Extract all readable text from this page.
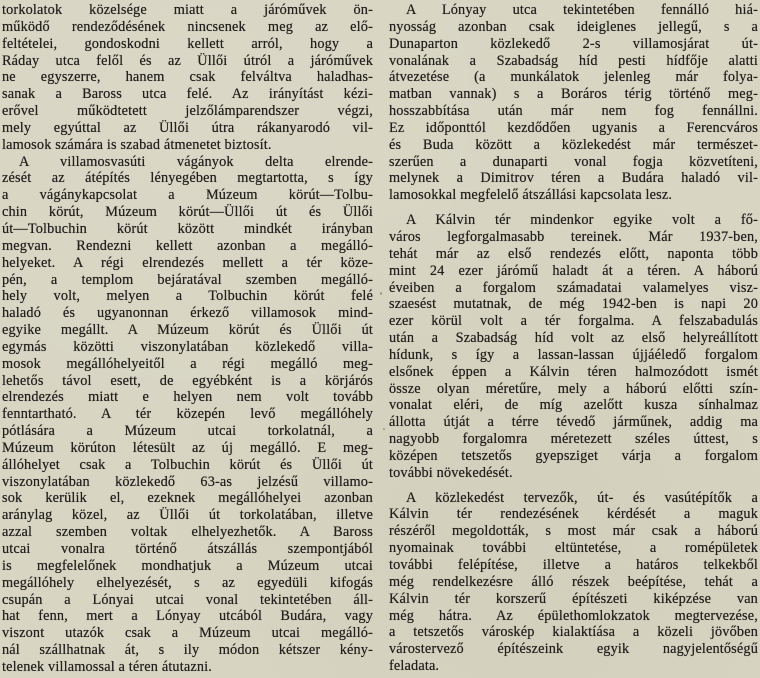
torkolatok közelsége miatt a járóművek ön-
működő rendeződésének nincsenek meg az elő-
feltételei, gondoskodni kellett arról, hogy a
Ráday utca felől és az Üllői útról a járóművek
ne egyszerre, hanem csak felváltva haladhas-
sanak a Baross utca felé. Az irányítást kézi-
erővel működtetett jelzőlámparendszer végzi,
mely egyúttal az Üllői útra rákanyarodó vil-
lamosok számára is szabad átmenetet biztosít.
A villamosvasúti vágányok delta elrende-
zését az átépítés lényegében megtartotta, s így
a vágánykapcsolat a Múzeum körút—Tolbu-
chin körút, Múzeum körút—Üllői út és Üllői
út—Tolbuchin körút között mindkét irányban
megvan. Rendezni kellett azonban a megálló-
helyeket. A régi elrendezés mellett a tér köze-
pén, a templom bejáratával szemben megálló-
hely volt, melyen a Tolbuchin körút felé
haladó és ugyanonnan érkező villamosok mind-
egyike megállt. A Múzeum körút és Üllői út
egymás közötti viszonylatában közlekedő villa-
mosok megállóhelyeitől a régi megálló meg-
lehetős távol esett, de egyébként is a körjárós
elrendezés miatt e helyen nem volt tovább
fenntartható. A tér közepén levő megállóhely
pótlására a Múzeum utcai torkolatnál, a
Múzeum körúton létesült az új megálló. E meg-
állóhelyet csak a Tolbuchin körút és Üllői út
viszonylatában közlekedő 63-as jelzésű villamo-
sok kerülik el, ezeknek megállóhelyei azonban
aránylag közel, az Üllői út torkolatában, illetve
azzal szemben voltak elhelyezhetők. A Baross
utcai vonalra történő átszállás szempontjából
is megfelelőnek mondhatjuk a Múzeum utcai
megállóhely elhelyezését, s az egyedüli kifogás
csupán a Lónyai utcai vonal tekintetében áll-
hat fenn, mert a Lónyay utcából Budára, vagy
viszont utazók csak a Múzeum utcai megálló-
nál szállhatnak át, s ily módon kétszer kény-
telenek villamossal a téren átutazni.
A Lónyay utca tekintetében fennálló hiá-
nyosság azonban csak ideiglenes jellegű, s a
Dunaparton közlekedő 2-s villamosjárat út-
vonalának a Szabadság híd pesti hídfője alatti
átvezetése (a munkálatok jelenleg már folya-
matban vannak) s a Boráros térig történő meg-
hosszabbítása után már nem fog fennállni.
Ez időponttól kezdődően ugyanis a Ferencváros
és Buda között a közlekedést már természet-
szerűen a dunaparti vonal fogja közvetíteni,
melynek a Dimitrov téren a Budára haladó vil-
lamosokkal megfelelő átszállási kapcsolata lesz.
A Kálvin tér mindenkor egyike volt a fő-
város legforgalmasabb tereinek. Már 1937-ben,
tehát már az első rendezés előtt, naponta több
mint 24 ezer járómű haladt át a téren. A háború
éveiben a forgalom számadatai valamelyes visz-
szaesést mutatnak, de még 1942-ben is napi 20
ezer körül volt a tér forgalma. A felszabadulás
után a Szabadság híd volt az első helyreállított
hídunk, s így a lassan-lassan újjáéledő forgalom
elsőnek éppen a Kálvin téren halmozódott ismét
össze olyan méretűre, mely a háború előtti szín-
vonalat eléri, de míg azelőtt kusza sínhalmaz
állotta útját a térre tévedő járműnek, addig ma
nagyobb forgalomra méretezett széles úttest, s
középen tetszetős gyepsziget várja a forgalom
további növekedését.
A közlekedést tervezők, út- és vasútépítők a
Kálvin tér rendezésének kérdését a maguk
részéről megoldották, s most már csak a háború
nyomainak további eltüntetése, a romépületek
további felépítése, illetve a határos telkekből
még rendelkezésre álló részek beépítése, tehát a
Kálvin tér korszerű építészeti kiképzése van
még hátra. Az épülethomlokzatok megtervezése,
a tetszetős városkép kialaktíása a közeli jövőben
várostervező építészeink egyik nagyjelentőségű
feladata.
